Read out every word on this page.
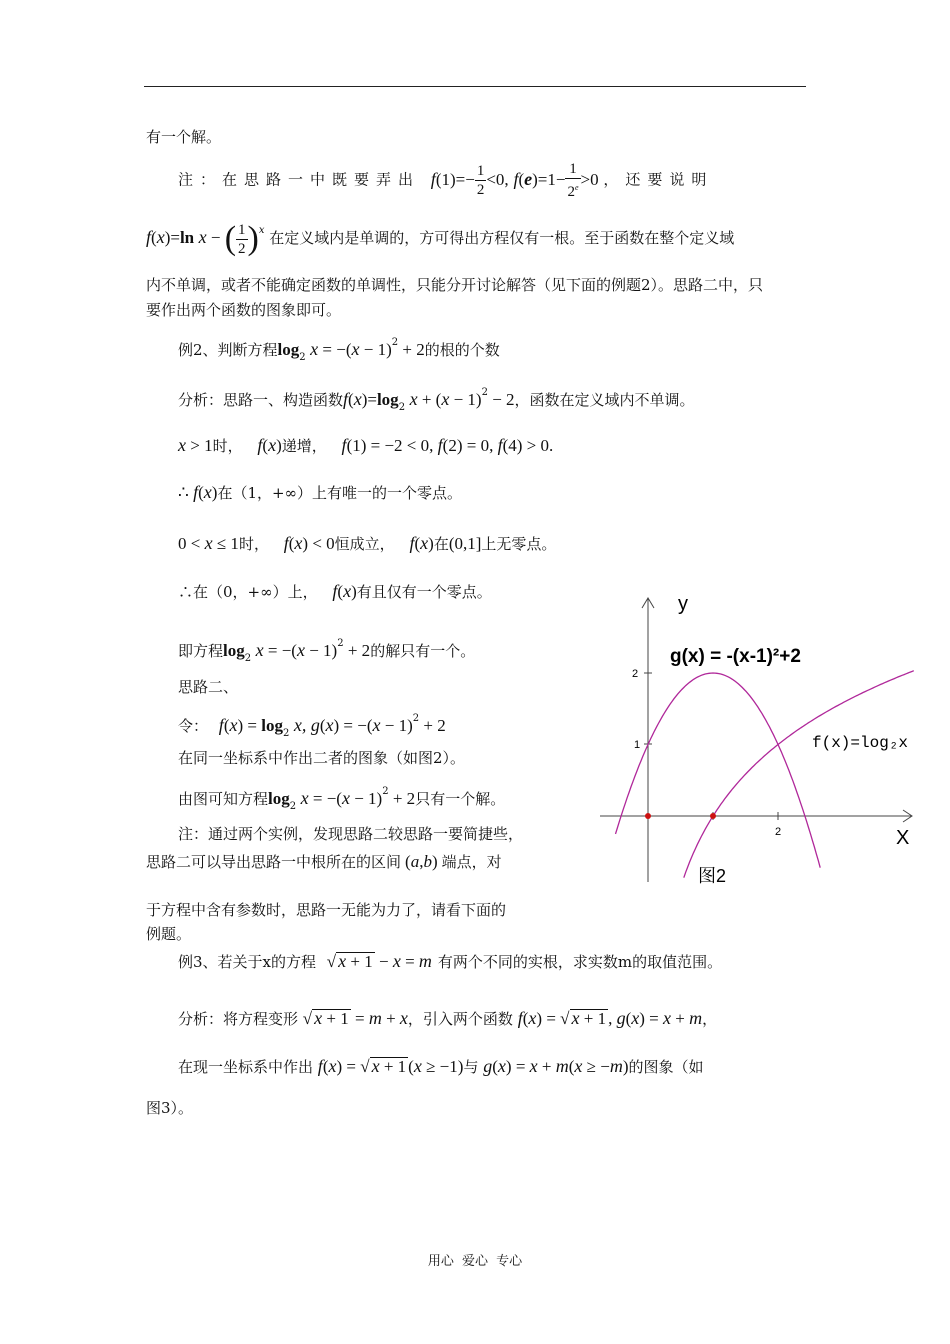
有一个解。
注：在思路一中既要弄出 $f(1)=- \frac{1}{2} <0$, $f(e)=1- \frac{1}{2^e} >0$ ，还要说明
f(x)=ln x − ( $\frac{1}{2} )^x$ 在定义域内是单调的，方可得出方程仅有一根。至于函数在整个定义域
内不单调，或者不能确定函数的单调性，只能分开讨论解答（见下面的例题2）。思路二中，只
要作出两个函数的图象即可。
例2、判断方程$\log_2 x = -(x - 1)^2 + 2$的根的个数
分析：思路一、构造函数$f(x)=\log_2$ $x + (x - 1)^2 - 2$，函数在定义域内不单调。
x > 1时， f(x)递增， f(1) = −2 < 0, f(2) = 0, f(4) > 0.
∴ f(x)在（1，+∞）上有唯一的一个零点。
0 < x ≤ 1时， f(x) < 0恒成立， f(x)在(0,1]上无零点。
∴在（0，+∞）上， f(x)有且仅有一个零点。
即方程$\log_2 x = -(x - 1)^2 + 2$的解只有一个。
思路二、
令： $f(x) = \log_2 x$, $g(x) = -(x - 1)^2 + 2$
在同一坐标系中作出二者的图象（如图2）。
由图可知方程$\log_2 x = -(x - 1)^2 + 2$只有一个解。
注：通过两个实例，发现思路二较思路一要简捷些，
思路二可以导出思路一中根所在的区间 (a,b) 端点，对
于方程中含有参数时，思路一无能为力了，请看下面的
例题。
例3、若关于x的方程 √ x + 1 − x = m 有两个不同的实根，求实数m的取值范围。
分析：将方程变形 √ x + 1 = m + x，引入两个函数 f(x) = √ x + 1 , g(x) = x + m，
在现一坐标系中作出 f(x) = √ x + 1 (x ≥ −1)与 g(x) = x + m(x ≥ −m)的图象（如
图3）。
2
1
2
y
X
g(x) = -(x-1)²+2
f(x)=log₂x
图2
用心 爱心 专心
